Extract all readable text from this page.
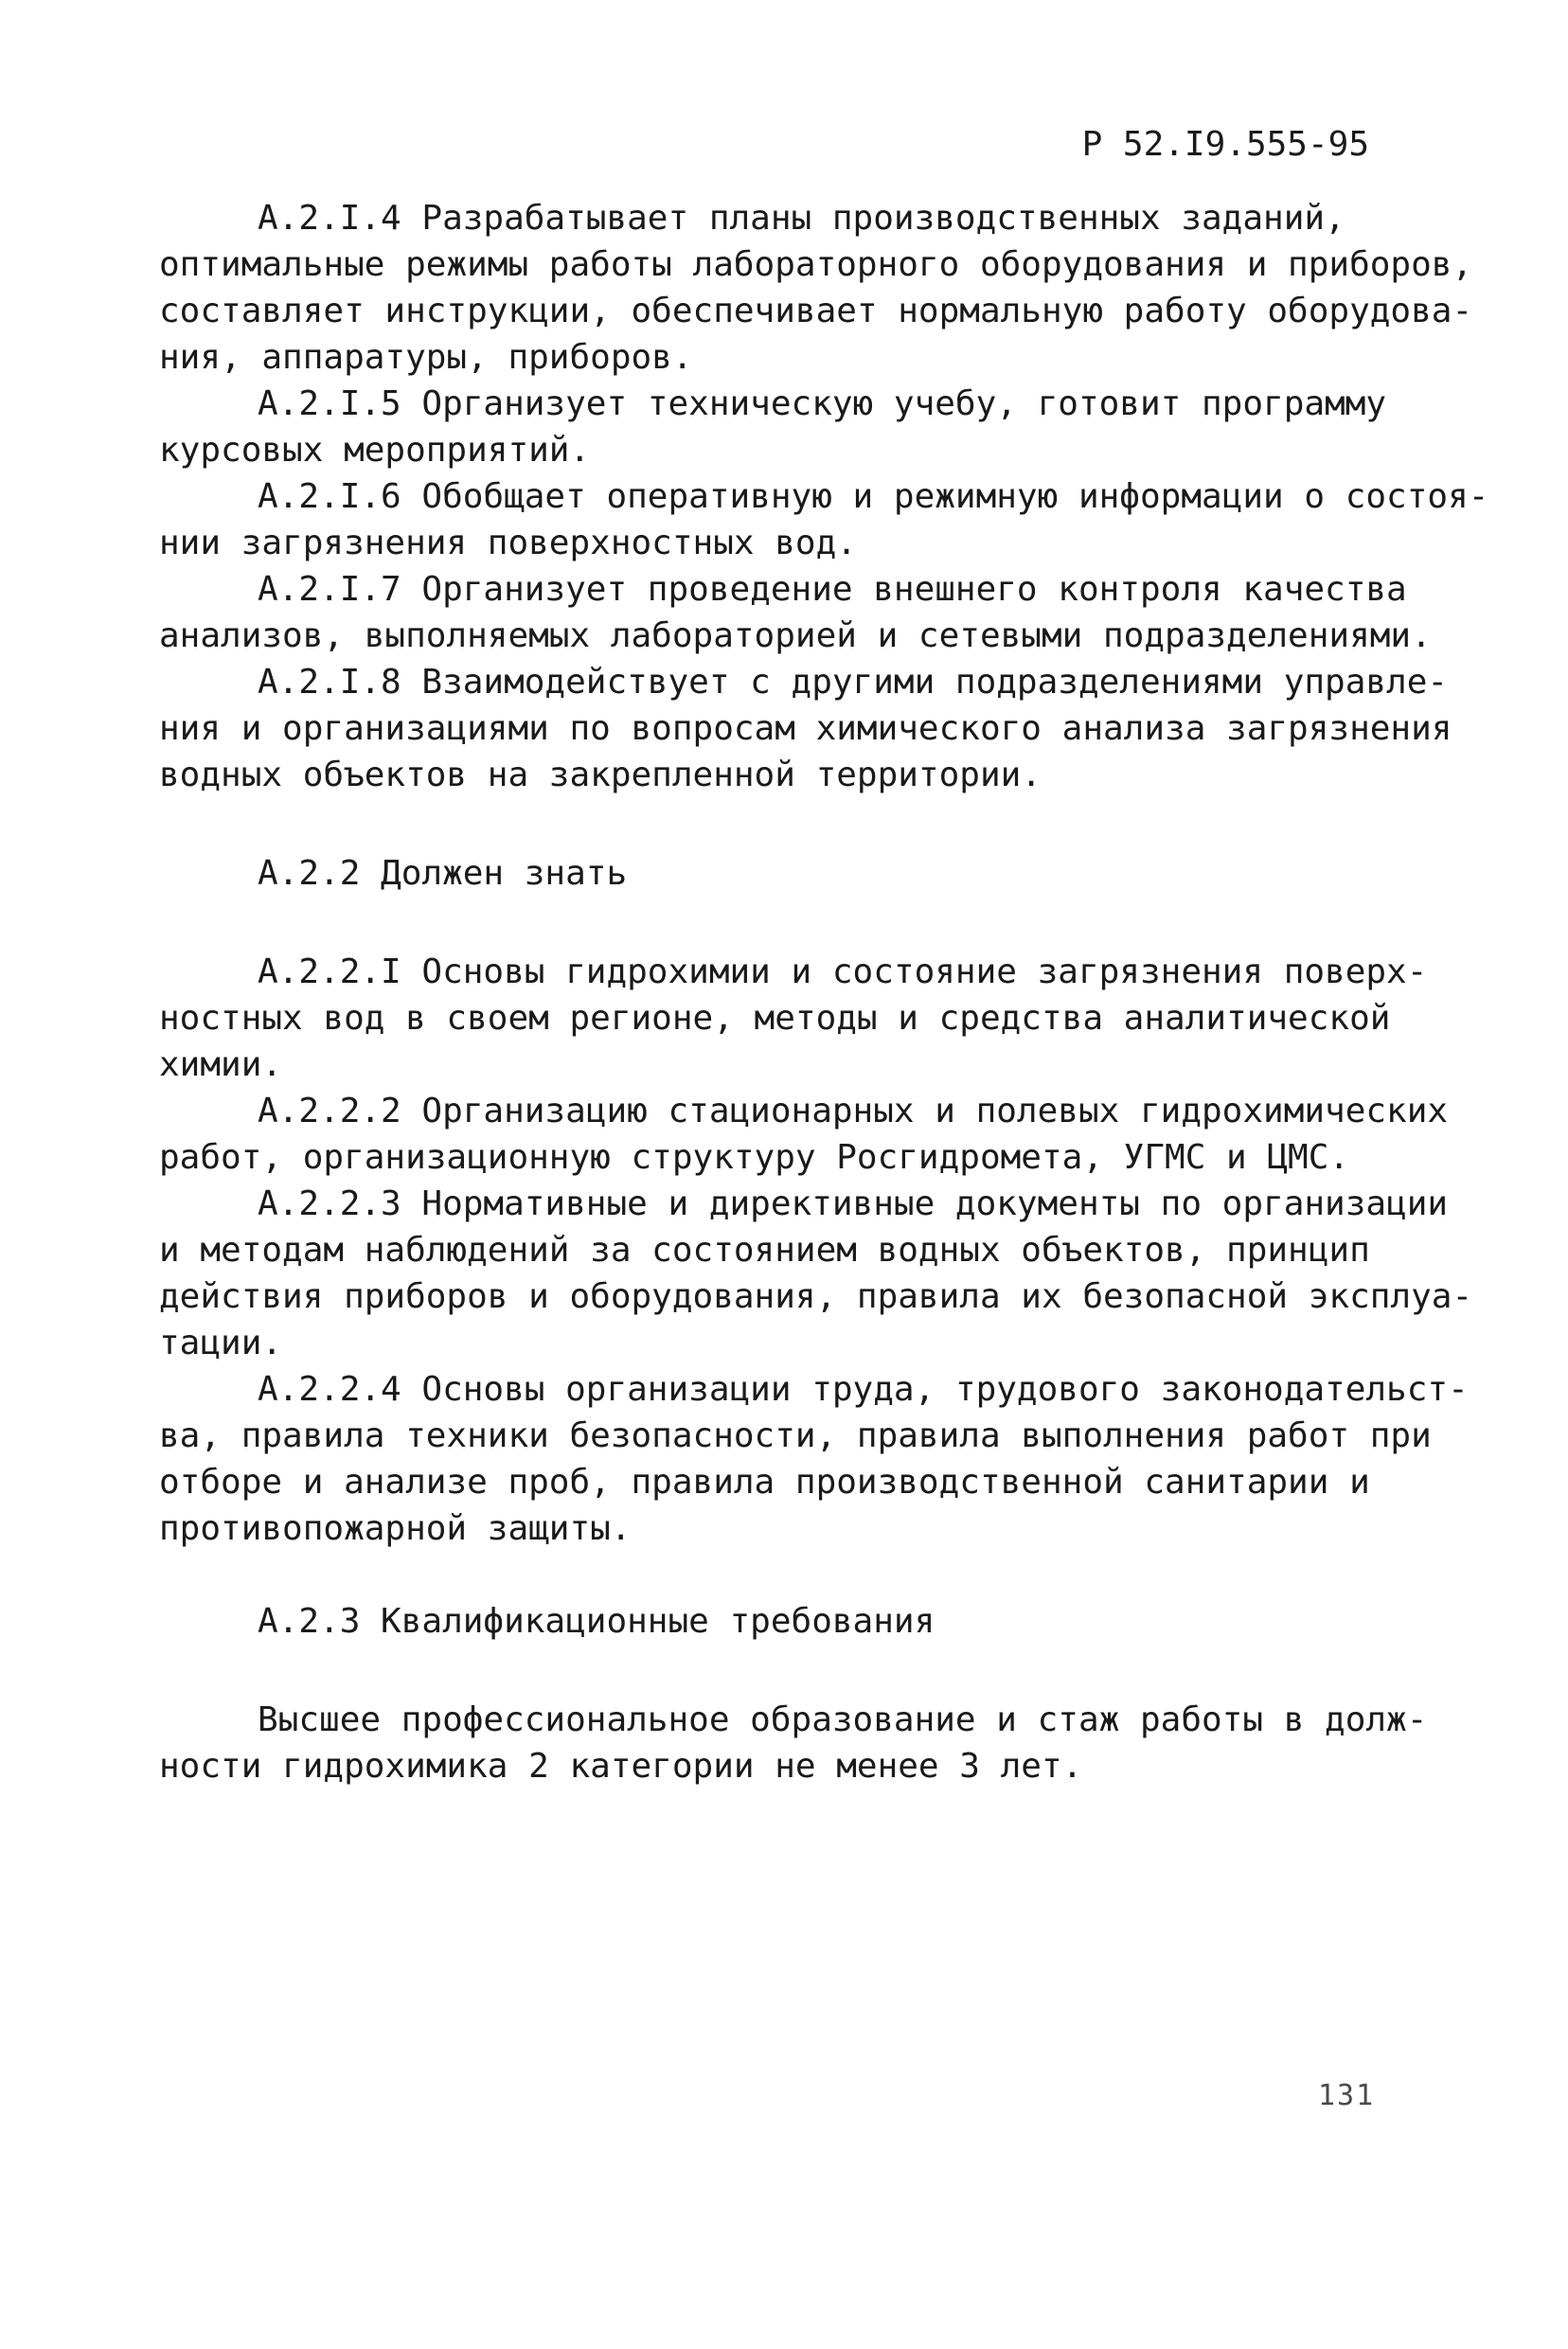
Р 52.I9.555-95
А.2.I.4 Разрабатывает планы производственных заданий,
оптимальные режимы работы лабораторного оборудования и приборов,
составляет инструкции, обеспечивает нормальную работу оборудова-
ния, аппаратуры, приборов.
А.2.I.5 Организует техническую учебу, готовит программу
курсовых мероприятий.
А.2.I.6 Обобщает оперативную и режимную информации о состоя-
нии загрязнения поверхностных вод.
А.2.I.7 Организует проведение внешнего контроля качества
анализов, выполняемых лабораторией и сетевыми подразделениями.
А.2.I.8 Взаимодействует с другими подразделениями управле-
ния и организациями по вопросам химического анализа загрязнения
водных объектов на закрепленной территории.
А.2.2 Должен знать
А.2.2.I Основы гидрохимии и состояние загрязнения поверх-
ностных вод в своем регионе, методы и средства аналитической
химии.
А.2.2.2 Организацию стационарных и полевых гидрохимических
работ, организационную структуру Росгидромета, УГМС и ЦМС.
А.2.2.3 Нормативные и директивные документы по организации
и методам наблюдений за состоянием водных объектов, принцип
действия приборов и оборудования, правила их безопасной эксплуа-
тации.
А.2.2.4 Основы организации труда, трудового законодательст-
ва, правила техники безопасности, правила выполнения работ при
отборе и анализе проб, правила производственной санитарии и
противопожарной защиты.
А.2.3 Квалификационные требования
Высшее профессиональное образование и стаж работы в долж-
ности гидрохимика 2 категории не менее 3 лет.
131
